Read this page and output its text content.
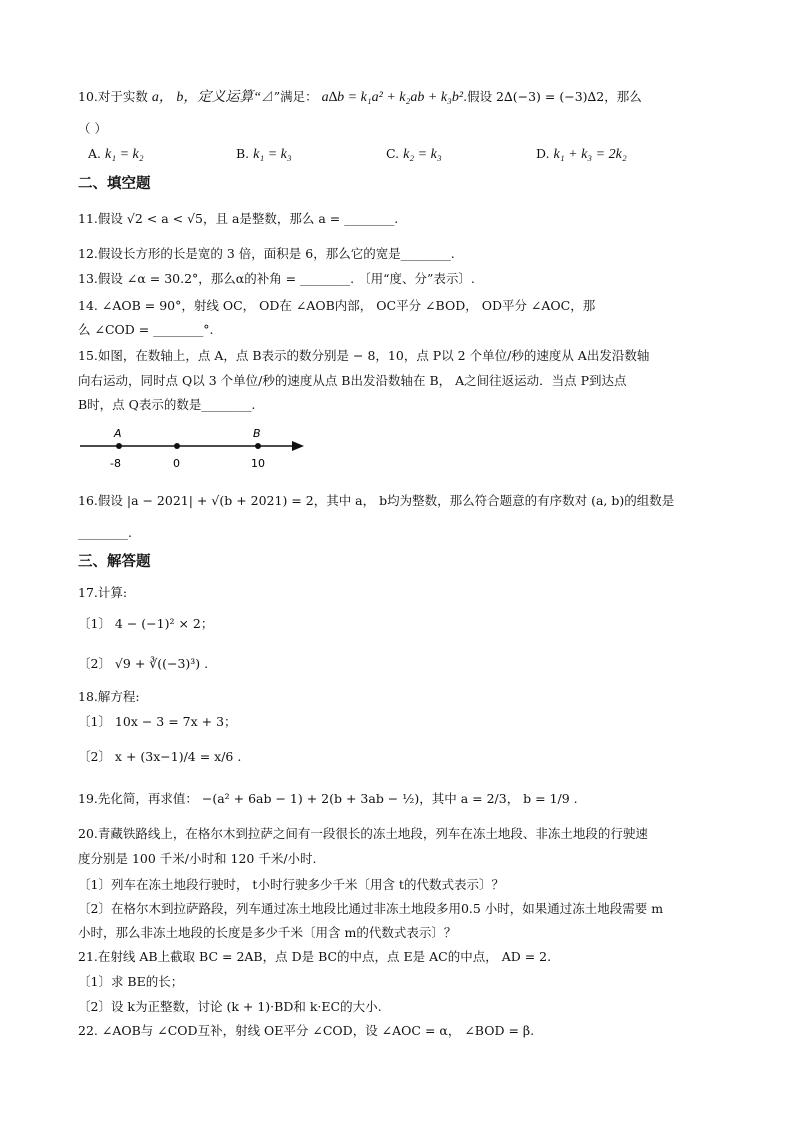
10.对于实数 a， b，定义运算“⊿”满足： a∆b = k₁a² + k₂ab + k₃b².假设 2∆(−3) = (−3)∆2，那么
（ ）
A. k₁ = k₂	B. k₁ = k₃	C. k₂ = k₃	D. k₁ + k₃ = 2k₂
二、填空题
11.假设 √2 < a < √5，且 a是整数，那么 a = ________.
12.假设长方形的长是宽的 3 倍，面积是 6，那么它的宽是________.
13.假设 ∠α = 30.2°，那么α的补角 = ________. 〔用“度、分”表示〕.
14. ∠AOB = 90°，射线 OC， OD在 ∠AOB内部， OC平分 ∠BOD， OD平分 ∠AOC，那
么 ∠COD = ________°.
15.如图，在数轴上，点 A，点 B表示的数分别是 − 8，10，点 P以 2 个单位/秒的速度从 A出发沿数轴
向右运动，同时点 Q以 3 个单位/秒的速度从点 B出发沿数轴在 B， A之间往返运动．当点 P到达点
B时，点 Q表示的数是________.
A	B
-8	0	10
16.假设 |a − 2021| + √(b + 2021) = 2，其中 a， b均为整数，那么符合题意的有序数对 (a, b)的组数是
________.
三、解答题
17.计算:
〔1〕 4 − (−1)² × 2；
〔2〕 √9 + ∛((−3)³) .
18.解方程:
〔1〕 10x − 3 = 7x + 3；
〔2〕 x + (3x−1)/4 = x/6 .
19.先化简，再求值： −(a² + 6ab − 1) + 2(b + 3ab − ½)，其中 a = 2/3， b = 1/9 .
20.青藏铁路线上，在格尔木到拉萨之间有一段很长的冻土地段，列车在冻土地段、非冻土地段的行驶速
度分别是 100 千米/小时和 120 千米/小时.
〔1〕列车在冻土地段行驶时， t小时行驶多少千米〔用含 t的代数式表示〕？
〔2〕在格尔木到拉萨路段，列车通过冻土地段比通过非冻土地段多用0.5 小时，如果通过冻土地段需要 m
小时，那么非冻土地段的长度是多少千米〔用含 m的代数式表示〕？
21.在射线 AB上截取 BC = 2AB，点 D是 BC的中点，点 E是 AC的中点， AD = 2.
〔1〕求 BE的长；
〔2〕设 k为正整数，讨论 (k + 1)·BD和 k·EC的大小.
22. ∠AOB与 ∠COD互补，射线 OE平分 ∠COD，设 ∠AOC = α， ∠BOD = β.
